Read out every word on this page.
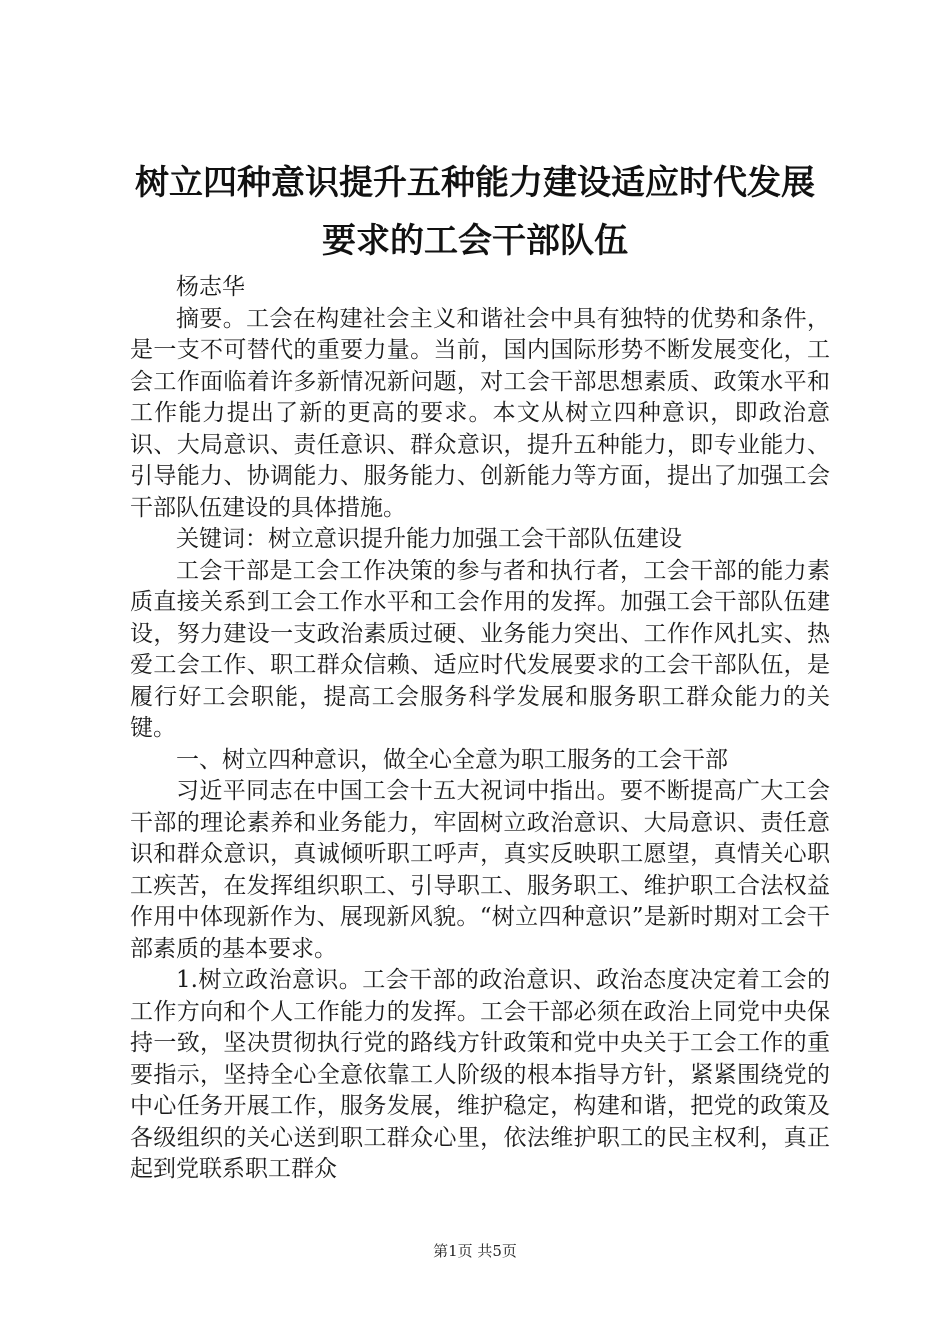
树立四种意识提升五种能力建设适应时代发展
要求的工会干部队伍

杨志华

摘要。工会在构建社会主义和谐社会中具有独特的优势和条件，是一支不可替代的重要力量。当前，国内国际形势不断发展变化，工会工作面临着许多新情况新问题，对工会干部思想素质、政策水平和工作能力提出了新的更高的要求。本文从树立四种意识，即政治意识、大局意识、责任意识、群众意识，提升五种能力，即专业能力、引导能力、协调能力、服务能力、创新能力等方面，提出了加强工会干部队伍建设的具体措施。

关键词：树立意识提升能力加强工会干部队伍建设

工会干部是工会工作决策的参与者和执行者，工会干部的能力素质直接关系到工会工作水平和工会作用的发挥。加强工会干部队伍建设，努力建设一支政治素质过硬、业务能力突出、工作作风扎实、热爱工会工作、职工群众信赖、适应时代发展要求的工会干部队伍，是履行好工会职能，提高工会服务科学发展和服务职工群众能力的关键。

一、树立四种意识，做全心全意为职工服务的工会干部

习近平同志在中国工会十五大祝词中指出。要不断提高广大工会干部的理论素养和业务能力，牢固树立政治意识、大局意识、责任意识和群众意识，真诚倾听职工呼声，真实反映职工愿望，真情关心职工疾苦，在发挥组织职工、引导职工、服务职工、维护职工合法权益作用中体现新作为、展现新风貌。“树立四种意识”是新时期对工会干部素质的基本要求。

1.树立政治意识。工会干部的政治意识、政治态度决定着工会的工作方向和个人工作能力的发挥。工会干部必须在政治上同党中央保持一致，坚决贯彻执行党的路线方针政策和党中央关于工会工作的重要指示，坚持全心全意依靠工人阶级的根本指导方针，紧紧围绕党的中心任务开展工作，服务发展，维护稳定，构建和谐，把党的政策及各级组织的关心送到职工群众心里，依法维护职工的民主权利，真正起到党联系职工群众

第1页 共5页
